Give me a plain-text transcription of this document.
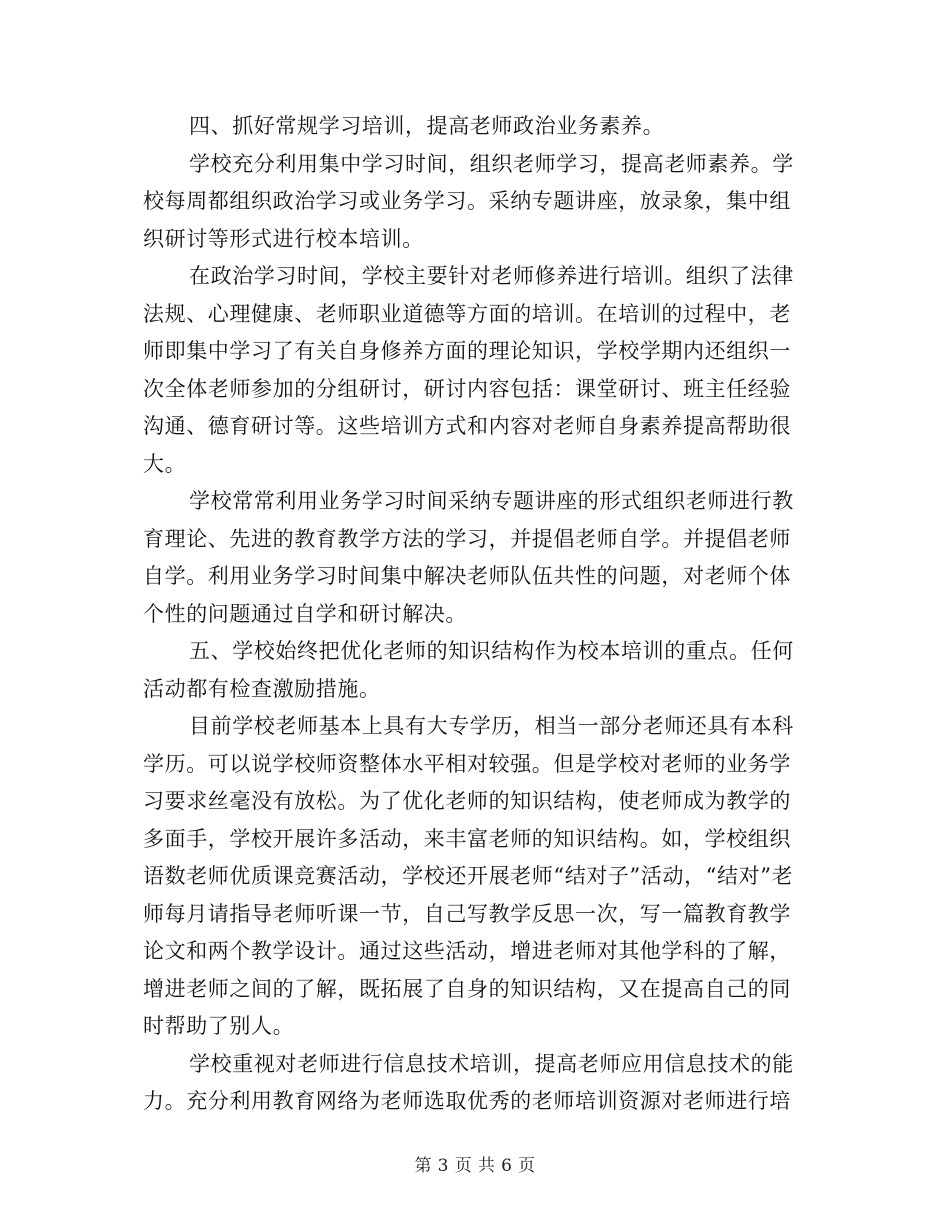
四、抓好常规学习培训，提高老师政治业务素养。

学校充分利用集中学习时间，组织老师学习，提高老师素养。学校每周都组织政治学习或业务学习。采纳专题讲座，放录象，集中组织研讨等形式进行校本培训。

在政治学习时间，学校主要针对老师修养进行培训。组织了法律法规、心理健康、老师职业道德等方面的培训。在培训的过程中，老师即集中学习了有关自身修养方面的理论知识，学校学期内还组织一次全体老师参加的分组研讨，研讨内容包括：课堂研讨、班主任经验沟通、德育研讨等。这些培训方式和内容对老师自身素养提高帮助很大。

学校常常利用业务学习时间采纳专题讲座的形式组织老师进行教育理论、先进的教育教学方法的学习，并提倡老师自学。并提倡老师自学。利用业务学习时间集中解决老师队伍共性的问题，对老师个体个性的问题通过自学和研讨解决。

五、学校始终把优化老师的知识结构作为校本培训的重点。任何活动都有检查激励措施。

目前学校老师基本上具有大专学历，相当一部分老师还具有本科学历。可以说学校师资整体水平相对较强。但是学校对老师的业务学习要求丝毫没有放松。为了优化老师的知识结构，使老师成为教学的多面手，学校开展许多活动，来丰富老师的知识结构。如，学校组织语数老师优质课竞赛活动，学校还开展老师“结对子”活动，“结对”老师每月请指导老师听课一节，自己写教学反思一次，写一篇教育教学论文和两个教学设计。通过这些活动，增进老师对其他学科的了解，增进老师之间的了解，既拓展了自身的知识结构，又在提高自己的同时帮助了别人。

学校重视对老师进行信息技术培训，提高老师应用信息技术的能力。充分利用教育网络为老师选取优秀的老师培训资源对老师进行培

第 3 页 共 6 页
